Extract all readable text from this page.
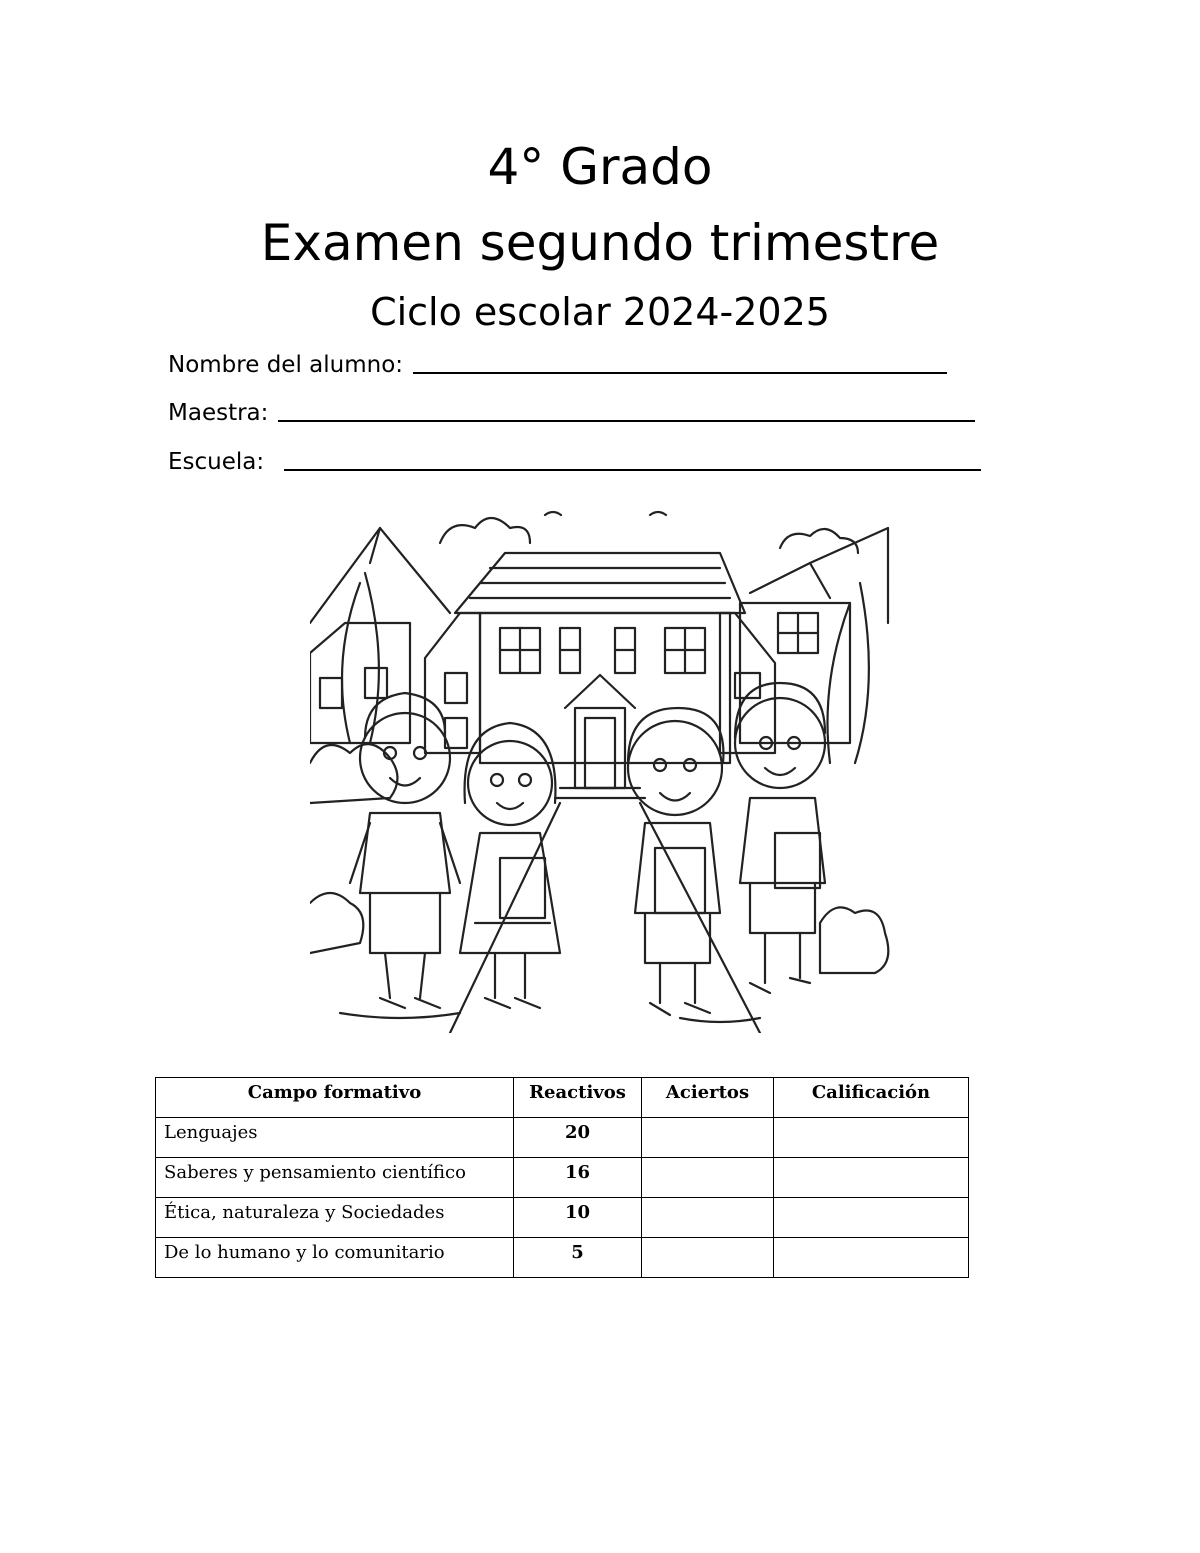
4° Grado
Examen segundo trimestre
Ciclo escolar 2024-2025
Nombre del alumno:
Maestra:
Escuela:
Campo formativo	Reactivos	Aciertos	Calificación
Lenguajes	20		
Saberes y pensamiento científico	16		
Ética, naturaleza y Sociedades	10		
De lo humano y lo comunitario	5		
